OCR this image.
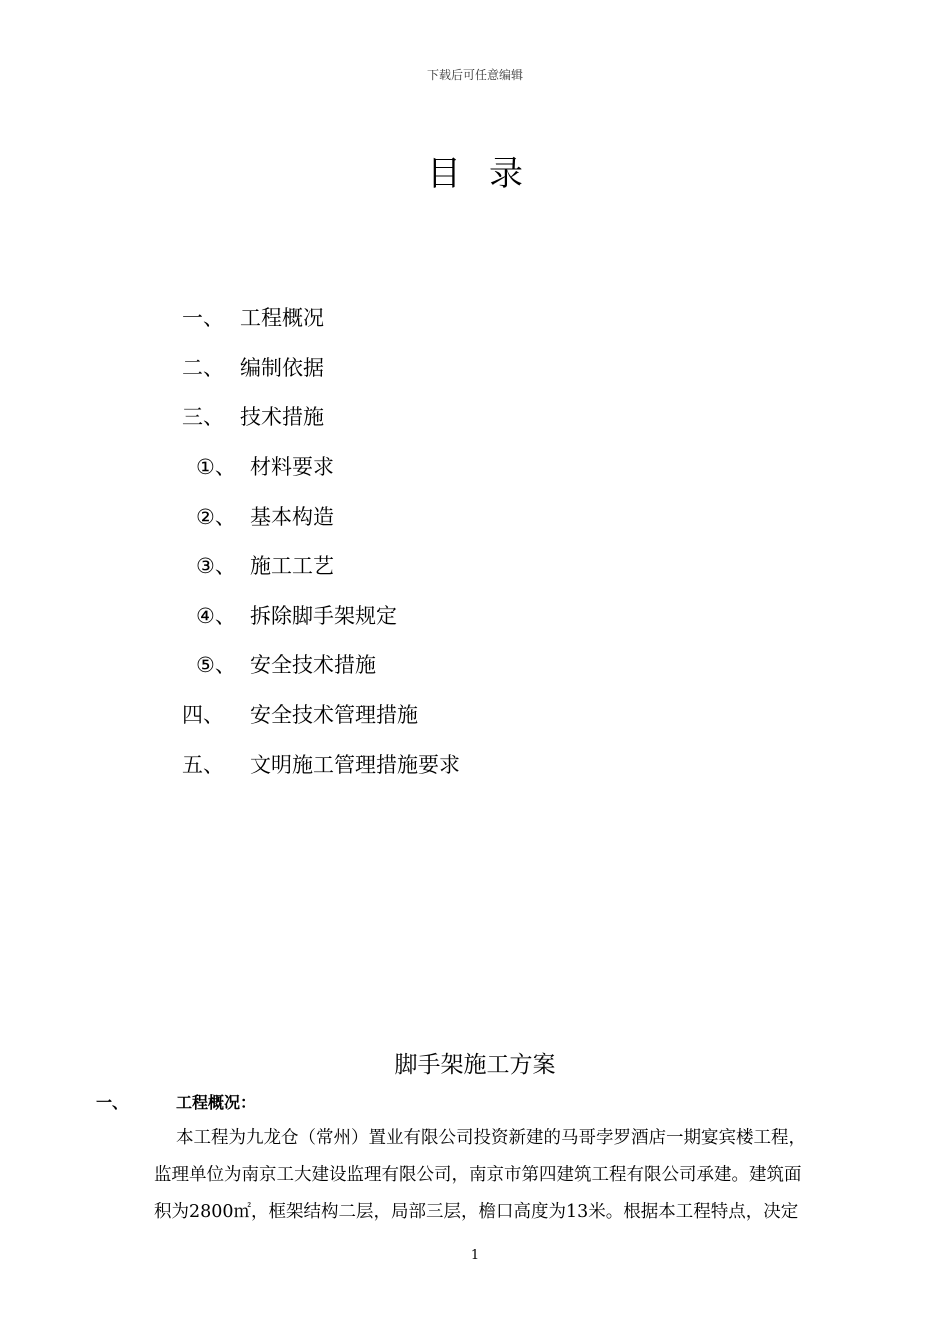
下载后可任意编辑
目 录
一、 工程概况
二、 编制依据
三、 技术措施
①、 材料要求
②、 基本构造
③、 施工工艺
④、 拆除脚手架规定
⑤、 安全技术措施
四、 安全技术管理措施
五、 文明施工管理措施要求
脚手架施工方案
一、	工程概况：
本工程为九龙仓（常州）置业有限公司投资新建的马哥孛罗酒店一期宴宾楼工程，
监理单位为南京工大建设监理有限公司，南京市第四建筑工程有限公司承建。建筑面
积为2800㎡，框架结构二层，局部三层，檐口高度为13米。根据本工程特点，决定
1
